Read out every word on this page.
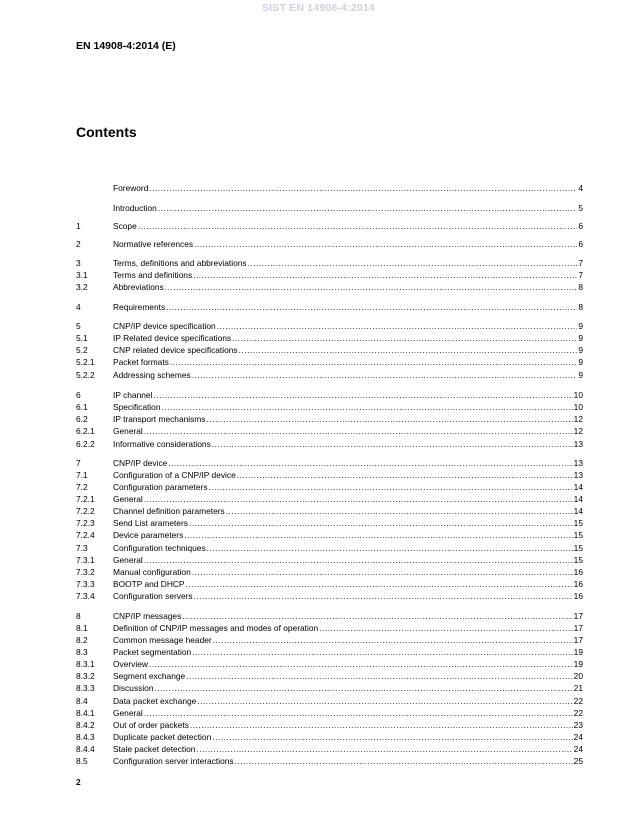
SIST EN 14908-4:2014
EN 14908-4:2014 (E)
Contents
Foreword .....	4
Introduction .....	5
1	Scope .....	6
2	Normative references .....	6
3	Terms, definitions and abbreviations .....	7
3.1	Terms and definitions .....	7
3.2	Abbreviations .....	8
4	Requirements .....	8
5	CNP/IP device specification .....	9
5.1	IP Related device specifications .....	9
5.2	CNP related device specifications .....	9
5.2.1	Packet formats .....	9
5.2.2	Addressing schemes .....	9
6	IP channel .....	10
6.1	Specification .....	10
6.2	IP transport mechanisms .....	12
6.2.1	General .....	12
6.2.2	Informative considerations .....	13
7	CNP/IP device .....	13
7.1	Configuration of a CNP/IP device .....	13
7.2	Configuration parameters .....	14
7.2.1	General .....	14
7.2.2	Channel definition parameters .....	14
7.2.3	Send List arameters .....	15
7.2.4	Device parameters .....	15
7.3	Configuration techniques .....	15
7.3.1	General .....	15
7.3.2	Manual configuration .....	16
7.3.3	BOOTP and DHCP .....	16
7.3.4	Configuration servers .....	16
8	CNP/IP messages .....	17
8.1	Definition of CNP/IP messages and modes of operation .....	17
8.2	Common message header .....	17
8.3	Packet segmentation .....	19
8.3.1	Overview .....	19
8.3.2	Segment exchange .....	20
8.3.3	Discussion .....	21
8.4	Data packet exchange .....	22
8.4.1	General .....	22
8.4.2	Out of order packets .....	23
8.4.3	Duplicate packet detection .....	24
8.4.4	Stale packet detection .....	24
8.5	Configuration server interactions .....	25
2
